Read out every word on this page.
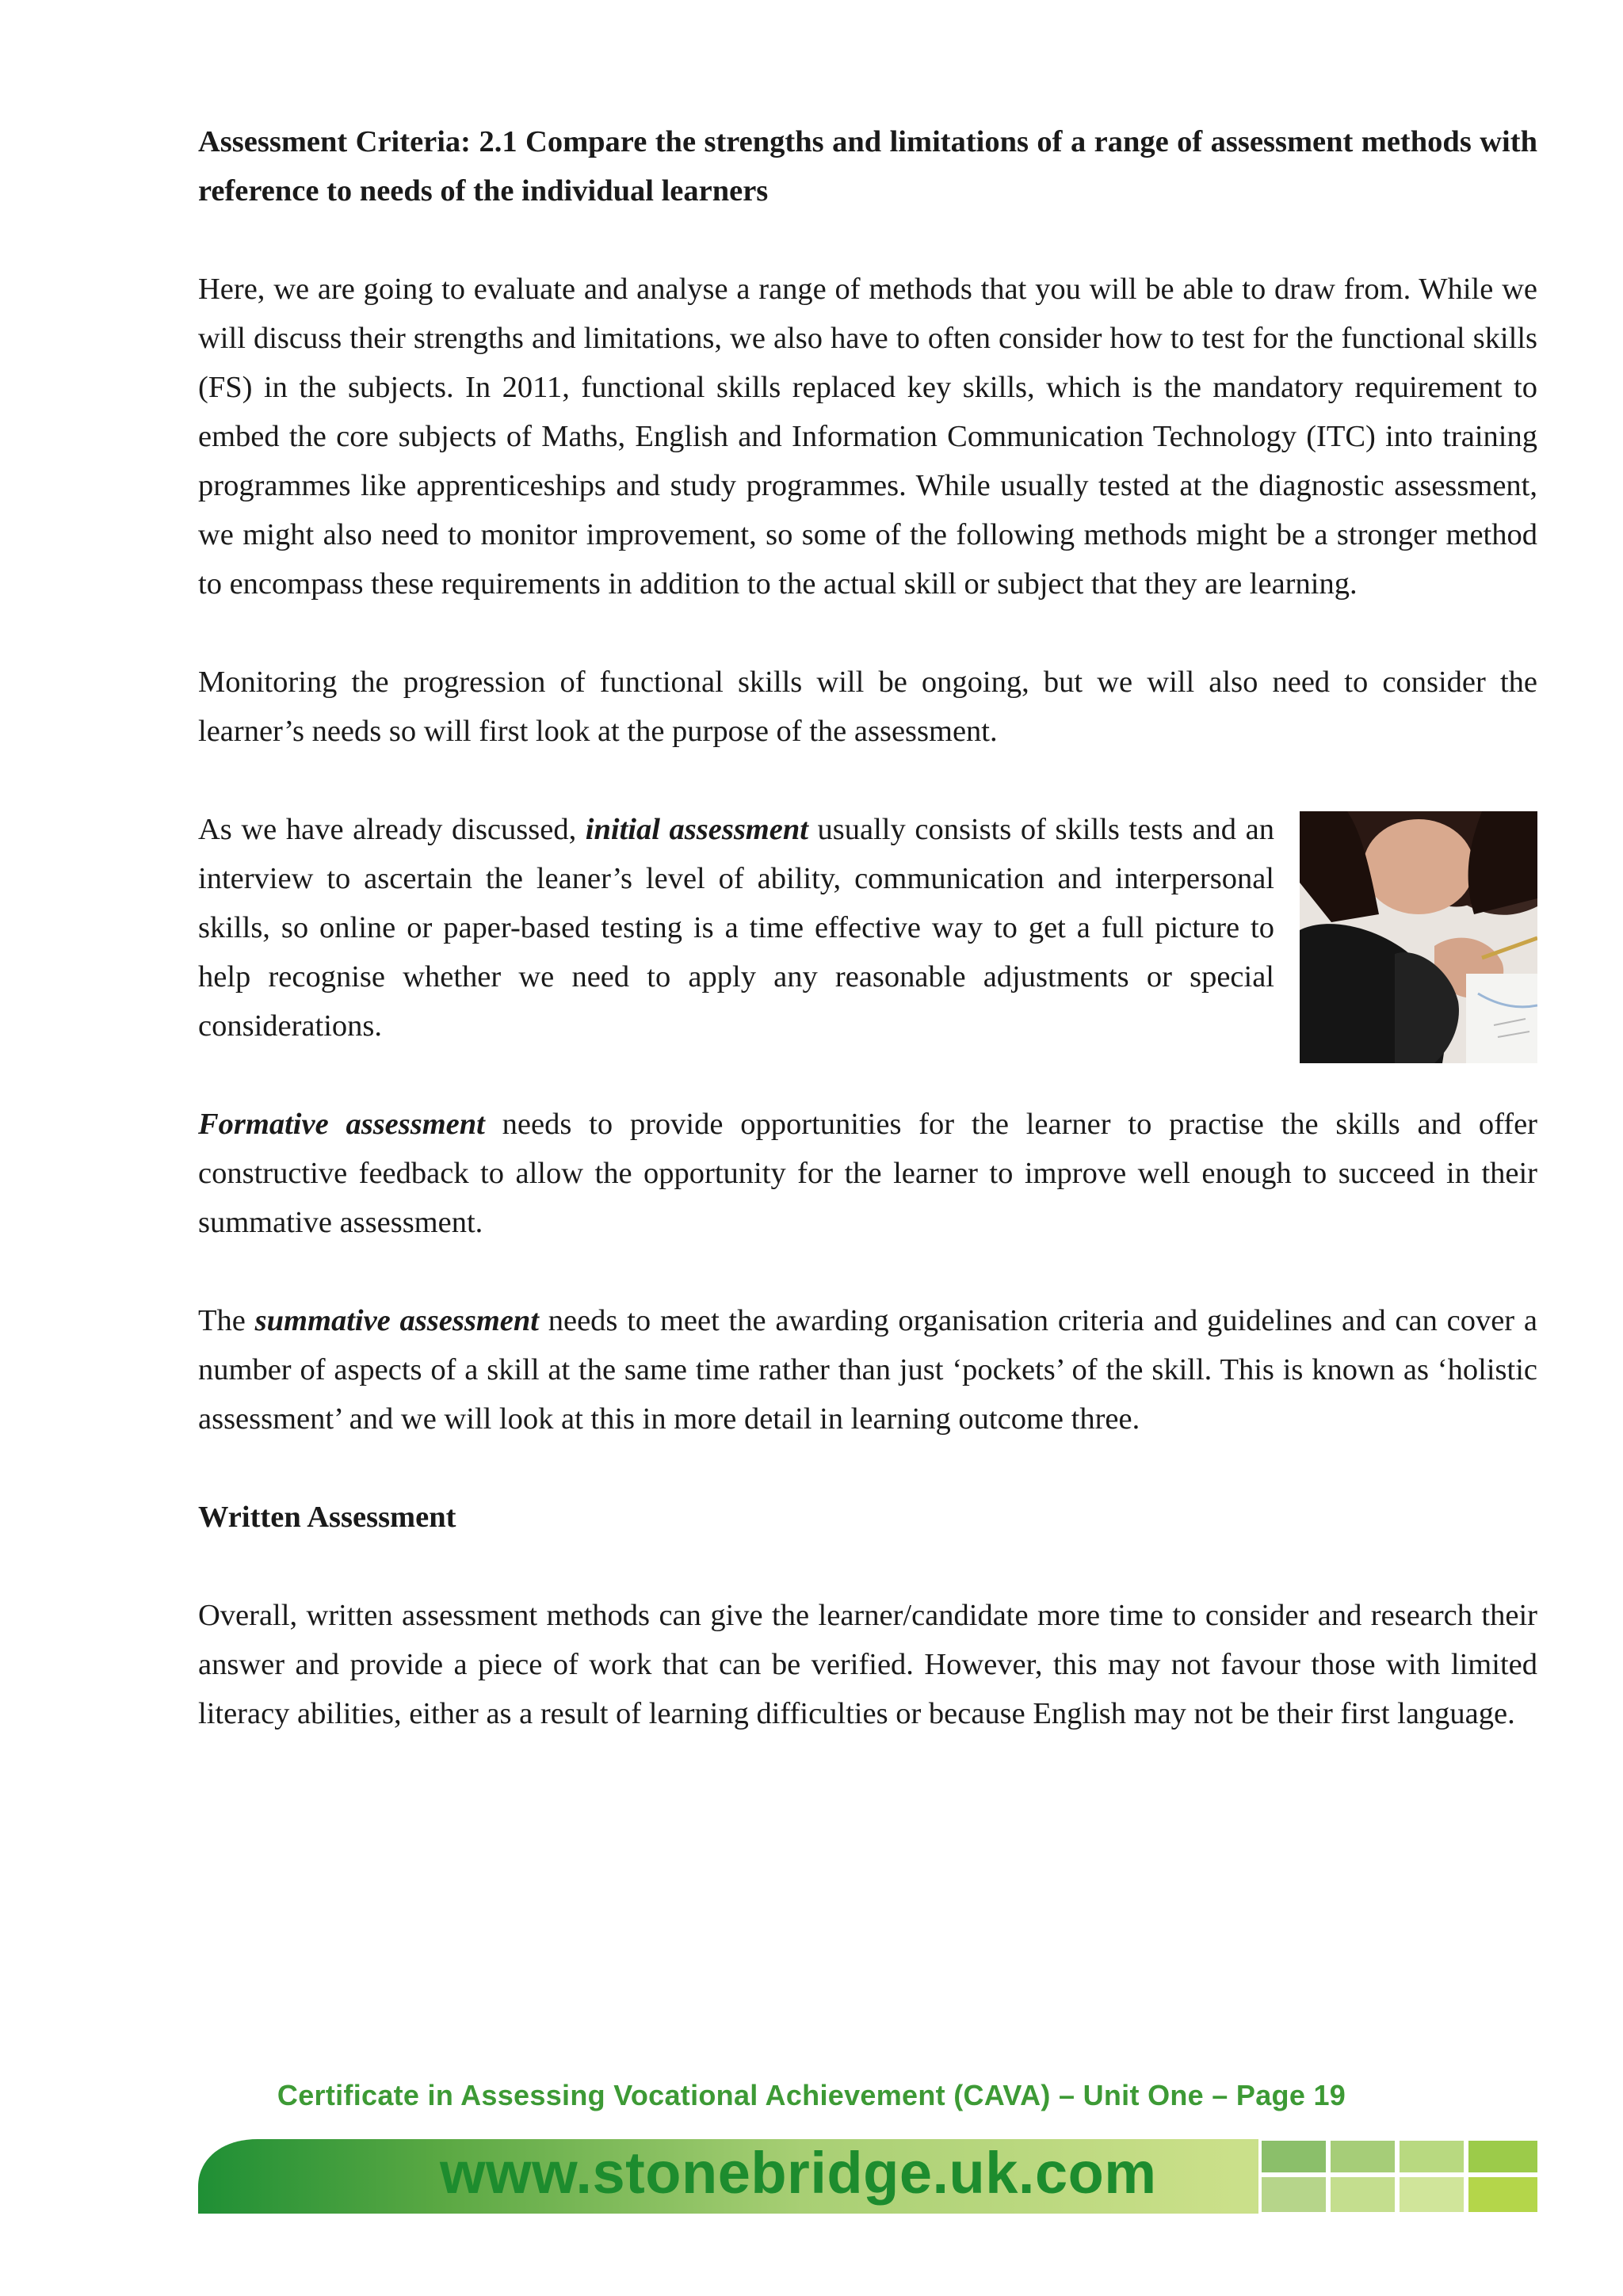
Assessment Criteria: 2.1 Compare the strengths and limitations of a range of assessment methods with reference to needs of the individual learners

Here, we are going to evaluate and analyse a range of methods that you will be able to draw from. While we will discuss their strengths and limitations, we also have to often consider how to test for the functional skills (FS) in the subjects. In 2011, functional skills replaced key skills, which is the mandatory requirement to embed the core subjects of Maths, English and Information Communication Technology (ITC) into training programmes like apprenticeships and study programmes. While usually tested at the diagnostic assessment, we might also need to monitor improvement, so some of the following methods might be a stronger method to encompass these requirements in addition to the actual skill or subject that they are learning.

Monitoring the progression of functional skills will be ongoing, but we will also need to consider the learner’s needs so will first look at the purpose of the assessment.

As we have already discussed, initial assessment usually consists of skills tests and an interview to ascertain the leaner’s level of ability, communication and interpersonal skills, so online or paper-based testing is a time effective way to get a full picture to help recognise whether we need to apply any reasonable adjustments or special considerations.

Formative assessment needs to provide opportunities for the learner to practise the skills and offer constructive feedback to allow the opportunity for the learner to improve well enough to succeed in their summative assessment.

The summative assessment needs to meet the awarding organisation criteria and guidelines and can cover a number of aspects of a skill at the same time rather than just ‘pockets’ of the skill. This is known as ‘holistic assessment’ and we will look at this in more detail in learning outcome three.

Written Assessment

Overall, written assessment methods can give the learner/candidate more time to consider and research their answer and provide a piece of work that can be verified. However, this may not favour those with limited literacy abilities, either as a result of learning difficulties or because English may not be their first language.

Certificate in Assessing Vocational Achievement (CAVA) – Unit One – Page 19
www.stonebridge.uk.com
